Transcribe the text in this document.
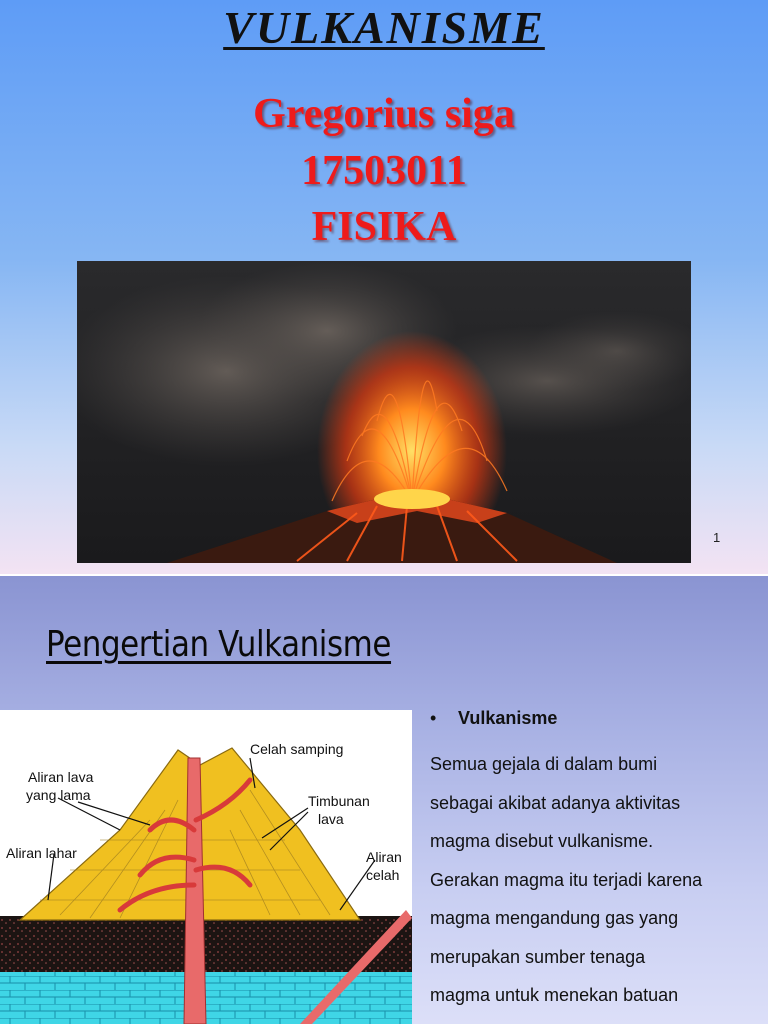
VULKANISME
Gregorius siga
17503011
FISIKA
1
Pengertian Vulkanisme
Celah samping
Aliran lava
yang lama	Timbunan
lava
Aliran lahar	Aliran
celah
• Vulkanisme
Semua gejala di dalam bumi
sebagai akibat adanya aktivitas
magma disebut vulkanisme.
Gerakan magma itu terjadi karena
magma mengandung gas yang
merupakan sumber tenaga
magma untuk menekan batuan
